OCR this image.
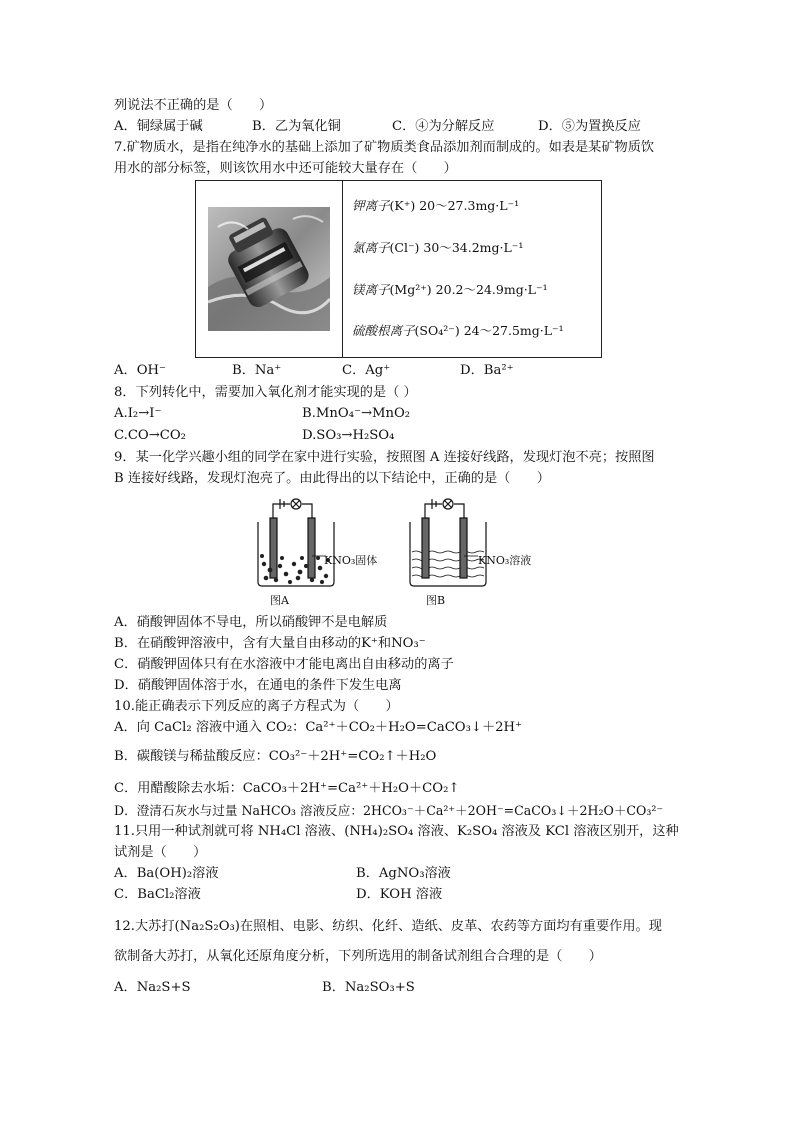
列说法不正确的是（　　）
A．铜绿属于碱	B．乙为氧化铜	C．④为分解反应	D．⑤为置换反应
7.矿物质水，是指在纯净水的基础上添加了矿物质类食品添加剂而制成的。如表是某矿物质饮
用水的部分标签，则该饮用水中还可能较大量存在（　　）
钾离子(K⁺) 20～27.3mg·L⁻¹
氯离子(Cl⁻) 30～34.2mg·L⁻¹
镁离子(Mg²⁺) 20.2～24.9mg·L⁻¹
硫酸根离子(SO₄²⁻) 24～27.5mg·L⁻¹
A．OH⁻	B．Na⁺	C．Ag⁺	D．Ba²⁺
8．下列转化中，需要加入氧化剂才能实现的是（ ）
A.I₂→I⁻	B.MnO₄⁻→MnO₂
C.CO→CO₂	D.SO₃→H₂SO₄
9．某一化学兴趣小组的同学在家中进行实验，按照图 A 连接好线路，发现灯泡不亮；按照图
B 连接好线路，发现灯泡亮了。由此得出的以下结论中，正确的是（　　）
KNO₃固体	KNO₃溶液
图A	图B
A．硝酸钾固体不导电，所以硝酸钾不是电解质
B．在硝酸钾溶液中，含有大量自由移动的K⁺和NO₃⁻
C．硝酸钾固体只有在水溶液中才能电离出自由移动的离子
D．硝酸钾固体溶于水，在通电的条件下发生电离
10.能正确表示下列反应的离子方程式为（　　）
A．向 CaCl₂ 溶液中通入 CO₂：Ca²⁺＋CO₂＋H₂O=CaCO₃↓＋2H⁺
B．碳酸镁与稀盐酸反应：CO₃²⁻＋2H⁺=CO₂↑＋H₂O
C．用醋酸除去水垢：CaCO₃＋2H⁺=Ca²⁺＋H₂O＋CO₂↑
D．澄清石灰水与过量 NaHCO₃ 溶液反应：2HCO₃⁻＋Ca²⁺＋2OH⁻=CaCO₃↓＋2H₂O＋CO₃²⁻
11.只用一种试剂就可将 NH₄Cl 溶液、(NH₄)₂SO₄ 溶液、K₂SO₄ 溶液及 KCl 溶液区别开，这种
试剂是（　　）
A．Ba(OH)₂溶液	B．AgNO₃溶液
C．BaCl₂溶液	D．KOH 溶液
12.大苏打(Na₂S₂O₃)在照相、电影、纺织、化纤、造纸、皮革、农药等方面均有重要作用。现
欲制备大苏打，从氧化还原角度分析，下列所选用的制备试剂组合合理的是（　　）
A．Na₂S+S	B．Na₂SO₃+S
